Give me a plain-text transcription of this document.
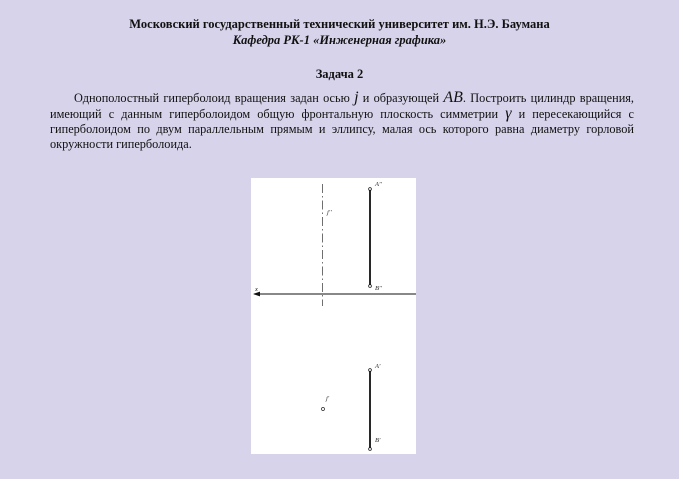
Московский государственный технический университет им. Н.Э. Баумана
Кафедра РК-1 «Инженерная графика»
Задача 2

Однополостный гиперболоид вращения задан осью j и образующей AB. Построить цилиндр вращения, имеющий с данным гиперболоидом общую фронтальную плоскость симметрии γ и пересекающийся с гиперболоидом по двум параллельным прямым и эллипсу, малая ось которого равна диаметру горловой окружности гиперболоида.

A''
j''
B''
x
A'
j'
B'
